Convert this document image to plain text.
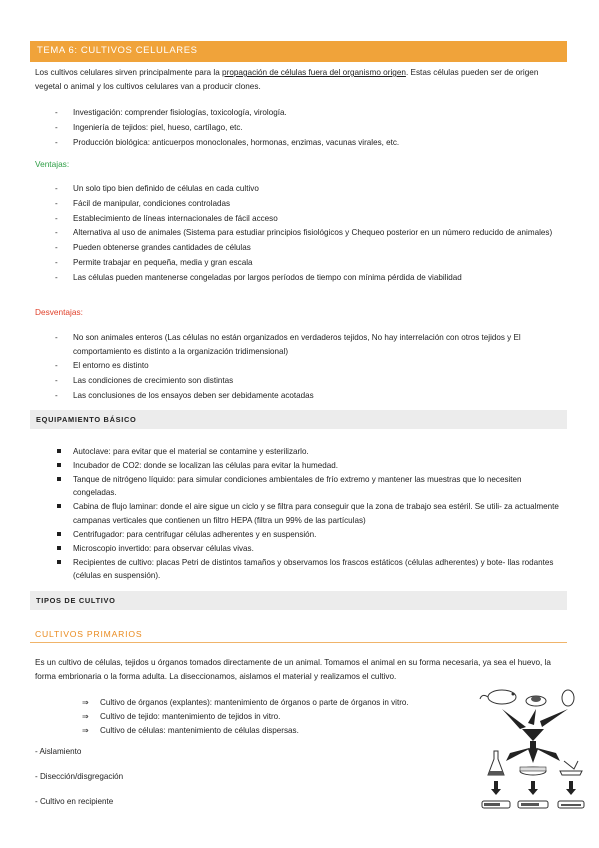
TEMA 6: CULTIVOS CELULARES
Los cultivos celulares sirven principalmente para la propagación de células fuera del organismo origen. Estas células pueden ser de origen vegetal o animal y los cultivos celulares van a producir clones.
- Investigación: comprender fisiologías, toxicología, virología.
- Ingeniería de tejidos: piel, hueso, cartílago, etc.
- Producción biológica: anticuerpos monoclonales, hormonas, enzimas, vacunas virales, etc.
Ventajas:
- Un solo tipo bien definido de células en cada cultivo
- Fácil de manipular, condiciones controladas
- Establecimiento de líneas internacionales de fácil acceso
- Alternativa al uso de animales (Sistema para estudiar principios fisiológicos y Chequeo posterior en un número reducido de animales)
- Pueden obtenerse grandes cantidades de células
- Permite trabajar en pequeña, media y gran escala
- Las células pueden mantenerse congeladas por largos períodos de tiempo con mínima pérdida de viabilidad
Desventajas:
- No son animales enteros (Las células no están organizados en verdaderos tejidos, No hay interrelación con otros tejidos y El comportamiento es distinto a la organización tridimensional)
- El entorno es distinto
- Las condiciones de crecimiento son distintas
- Las conclusiones de los ensayos deben ser debidamente acotadas
EQUIPAMIENTO BÁSICO
Autoclave: para evitar que el material se contamine y esterilizarlo.
Incubador de CO2: donde se localizan las células para evitar la humedad.
Tanque de nitrógeno líquido: para simular condiciones ambientales de frío extremo y mantener las muestras que lo necesiten congeladas.
Cabina de flujo laminar: donde el aire sigue un ciclo y se filtra para conseguir que la zona de trabajo sea estéril. Se utili- za actualmente campanas verticales que contienen un filtro HEPA (filtra un 99% de las partículas)
Centrifugador: para centrifugar células adherentes y en suspensión.
Microscopio invertido: para observar células vivas.
Recipientes de cultivo: placas Petri de distintos tamaños y observamos los frascos estáticos (células adherentes) y bote- llas rodantes (células en suspensión).
TIPOS DE CULTIVO
CULTIVOS PRIMARIOS
Es un cultivo de células, tejidos u órganos tomados directamente de un animal. Tomamos el animal en su forma necesaria, ya sea el huevo, la forma embrionaria o la forma adulta. La diseccionamos, aislamos el material y realizamos el cultivo.
⇒ Cultivo de órganos (explantes): mantenimiento de órganos o parte de órganos in vitro.
⇒ Cultivo de tejido: mantenimiento de tejidos in vitro.
⇒ Cultivo de células: mantenimiento de células dispersas.
- Aislamiento
- Disección/disgregación
- Cultivo en recipiente
